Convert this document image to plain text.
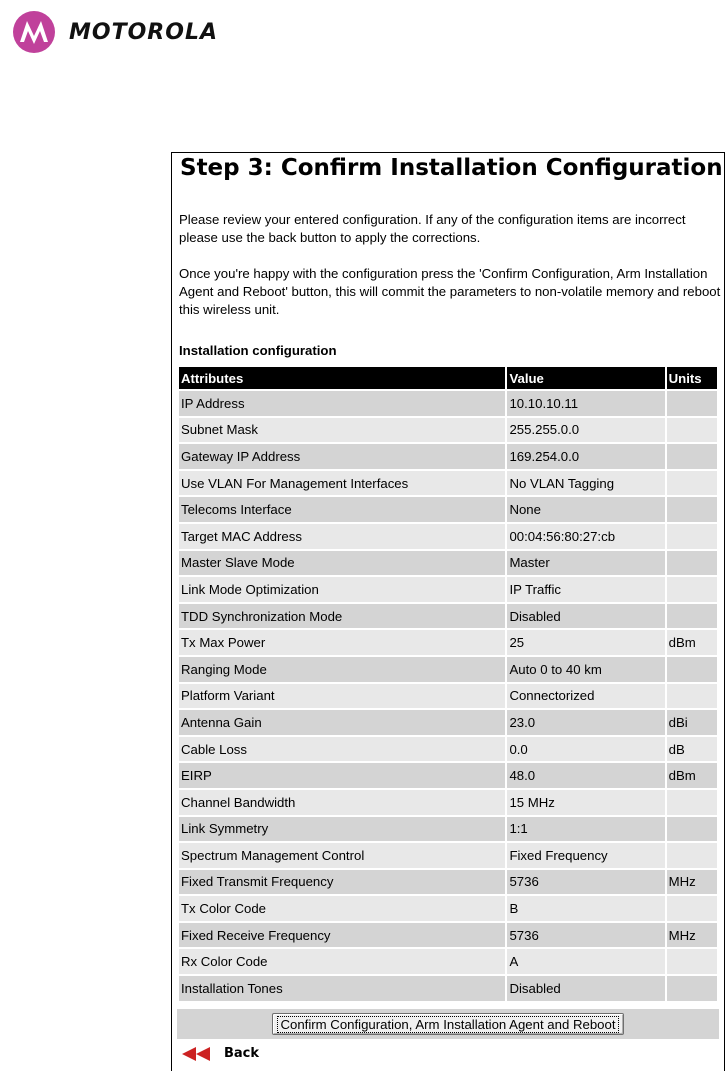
MOTOROLA
Step 3: Confirm Installation Configuration

Please review your entered configuration. If any of the configuration items are incorrect please use the back button to apply the corrections.

Once you're happy with the configuration press the 'Confirm Configuration, Arm Installation Agent and Reboot' button, this will commit the parameters to non-volatile memory and reboot this wireless unit.

Installation configuration

Attributes	Value	Units
IP Address	10.10.10.11	
Subnet Mask	255.255.0.0	
Gateway IP Address	169.254.0.0	
Use VLAN For Management Interfaces	No VLAN Tagging	
Telecoms Interface	None	
Target MAC Address	00:04:56:80:27:cb	
Master Slave Mode	Master	
Link Mode Optimization	IP Traffic	
TDD Synchronization Mode	Disabled	
Tx Max Power	25	dBm
Ranging Mode	Auto 0 to 40 km	
Platform Variant	Connectorized	
Antenna Gain	23.0	dBi
Cable Loss	0.0	dB
EIRP	48.0	dBm
Channel Bandwidth	15 MHz	
Link Symmetry	1:1	
Spectrum Management Control	Fixed Frequency	
Fixed Transmit Frequency	5736	MHz
Tx Color Code	B	
Fixed Receive Frequency	5736	MHz
Rx Color Code	A	
Installation Tones	Disabled	
Confirm Configuration, Arm Installation Agent and Reboot
Back
